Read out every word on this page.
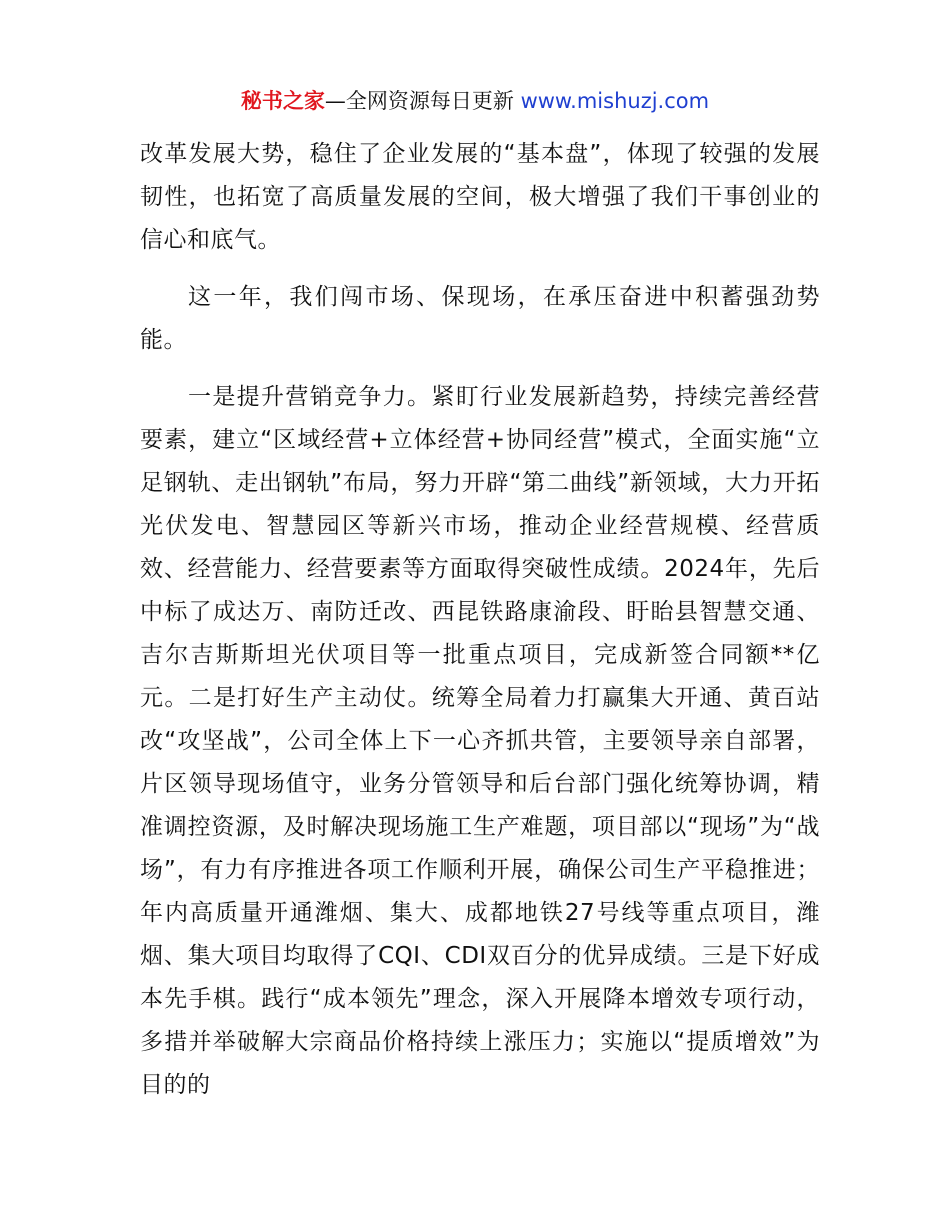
秘书之家—全网资源每日更新 www.mishuzj.com

改革发展大势，稳住了企业发展的“基本盘”，体现了较强的发展韧性，也拓宽了高质量发展的空间，极大增强了我们干事创业的信心和底气。

这一年，我们闯市场、保现场，在承压奋进中积蓄强劲势能。

一是提升营销竞争力。紧盯行业发展新趋势，持续完善经营要素，建立“区域经营+立体经营+协同经营”模式，全面实施“立足钢轨、走出钢轨”布局，努力开辟“第二曲线”新领域，大力开拓光伏发电、智慧园区等新兴市场，推动企业经营规模、经营质效、经营能力、经营要素等方面取得突破性成绩。2024年，先后中标了成达万、南防迁改、西昆铁路康渝段、盱眙县智慧交通、吉尔吉斯斯坦光伏项目等一批重点项目，完成新签合同额**亿元。二是打好生产主动仗。统筹全局着力打赢集大开通、黄百站改“攻坚战”，公司全体上下一心齐抓共管，主要领导亲自部署，片区领导现场值守，业务分管领导和后台部门强化统筹协调，精准调控资源，及时解决现场施工生产难题，项目部以“现场”为“战场”，有力有序推进各项工作顺利开展，确保公司生产平稳推进；年内高质量开通潍烟、集大、成都地铁27号线等重点项目，潍烟、集大项目均取得了CQI、CDI双百分的优异成绩。三是下好成本先手棋。践行“成本领先”理念，深入开展降本增效专项行动，多措并举破解大宗商品价格持续上涨压力；实施以“提质增效”为目的的
